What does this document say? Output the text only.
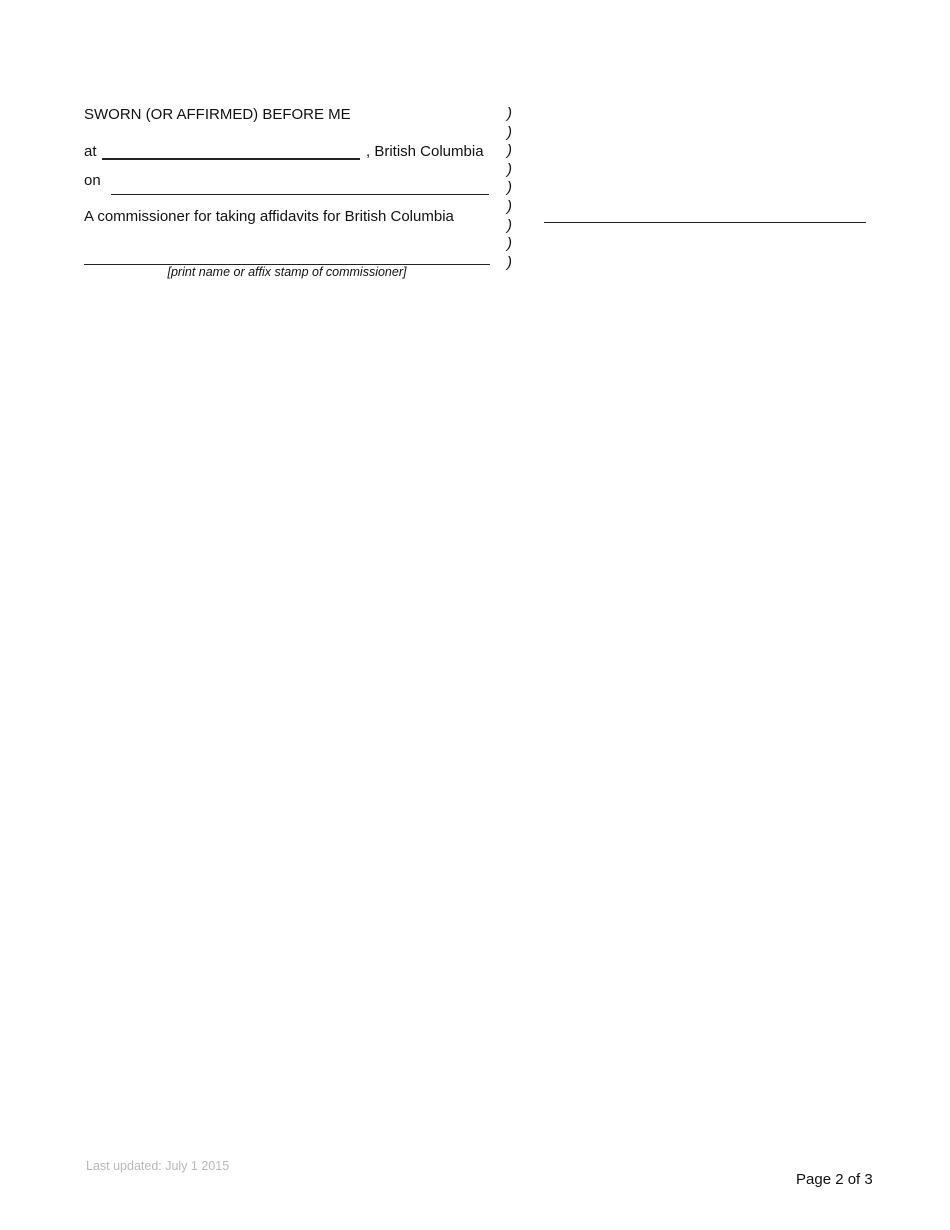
SWORN (OR AFFIRMED) BEFORE ME
at	, British Columbia
on
A commissioner for taking affidavits for British Columbia
[print name or affix stamp of commissioner]
)
)
)
)
)
)
)
)
)
Last updated: July 1 2015
Page 2 of 3
